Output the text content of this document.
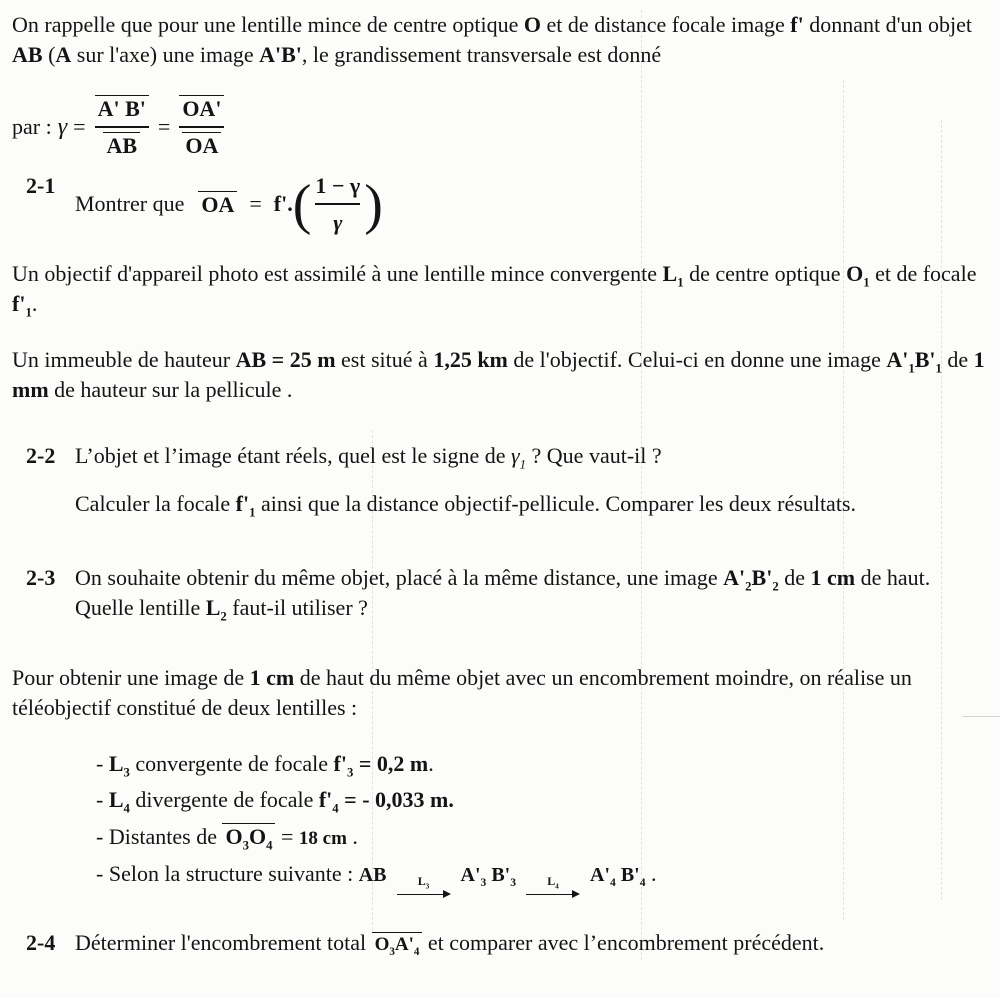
On rappelle que pour une lentille mince de centre optique O et de distance focale image f' donnant d'un objet AB (A sur l'axe) une image A'B', le grandissement transversale est donné

par : $\gamma = \frac{A' B'}{AB} = \frac{OA'}{OA}$
2-1
Montrer que OA = f'. ( $\frac{1 - \gamma}{\gamma}$ )

Un objectif d'appareil photo est assimilé à une lentille mince convergente $L_1$ de centre optique $O_1$ et de focale $f'_1$.

Un immeuble de hauteur AB = 25 m est situé à 1,25 km de l'objectif. Celui-ci en donne une image $A'_1B'_1$ de 1 mm de hauteur sur la pellicule .

2-2 L’objet et l’image étant réels, quel est le signe de $\gamma_1$ ? Que vaut-il ?
Calculer la focale $f'_1$ ainsi que la distance objectif-pellicule. Comparer les deux résultats.
2-3 On souhaite obtenir du même objet, placé à la même distance, une image $A'_2B'_2$ de 1 cm de haut. Quelle lentille $L_2$ faut-il utiliser ?

Pour obtenir une image de 1 cm de haut du même objet avec un encombrement moindre, on réalise un téléobjectif constitué de deux lentilles :

- $L_3$ convergente de focale $f'_3 = 0,2$ m.
- $L_4$ divergente de focale $f'_4$ = - 0,033 m.
- Distantes de $O_3O_4 = 18$ cm .
- Selon la structure suivante : AB	$L_3$
$A'_3$ $B'_3$	$L_4$
$A'_4$ $B'_4$ .
2-4 Déterminer l'encombrement total $O_3A'_4$ et comparer avec l’encombrement précédent.
